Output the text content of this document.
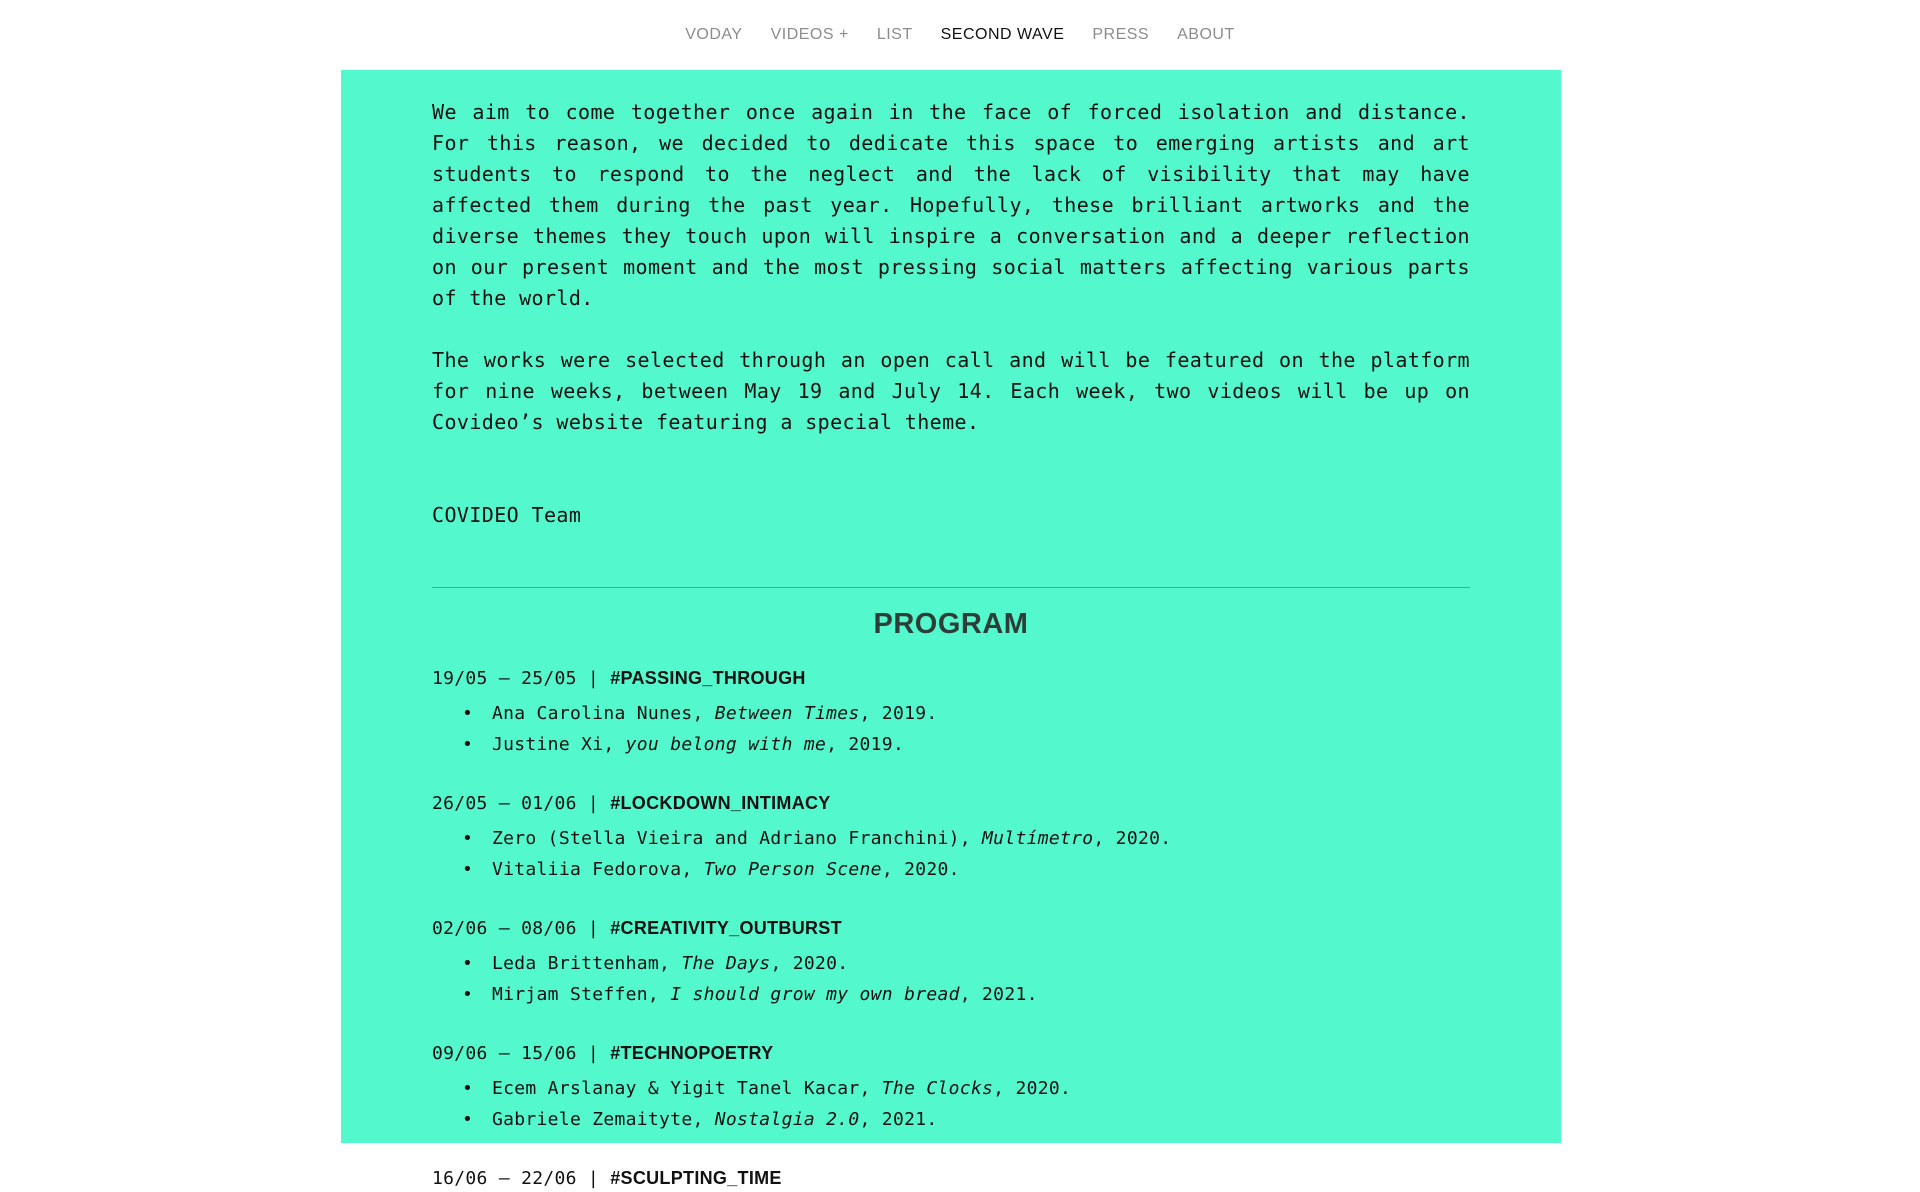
VODAY VIDEOS + LIST SECOND WAVE PRESS ABOUT

We aim to come together once again in the face of forced isolation and distance. For this reason, we decided to dedicate this space to emerging artists and art students to respond to the neglect and the lack of visibility that may have affected them during the past year. Hopefully, these brilliant artworks and the diverse themes they touch upon will inspire a conversation and a deeper reflection on our present moment and the most pressing social matters affecting various parts of the world.

The works were selected through an open call and will be featured on the platform for nine weeks, between May 19 and July 14. Each week, two videos will be up on Covideo’s website featuring a special theme.

COVIDEO Team
PROGRAM
19/05 – 25/05 | #PASSING_THROUGH
• Ana Carolina Nunes, Between Times, 2019.
• Justine Xi, you belong with me, 2019.
26/05 – 01/06 | #LOCKDOWN_INTIMACY
• Zero (Stella Vieira and Adriano Franchini), Multímetro, 2020.
• Vitaliia Fedorova, Two Person Scene, 2020.
02/06 – 08/06 | #CREATIVITY_OUTBURST
• Leda Brittenham, The Days, 2020.
• Mirjam Steffen, I should grow my own bread, 2021.
09/06 – 15/06 | #TECHNOPOETRY
• Ecem Arslanay & Yigit Tanel Kacar, The Clocks, 2020.
• Gabriele Zemaityte, Nostalgia 2.0, 2021.
16/06 – 22/06 | #SCULPTING_TIME
